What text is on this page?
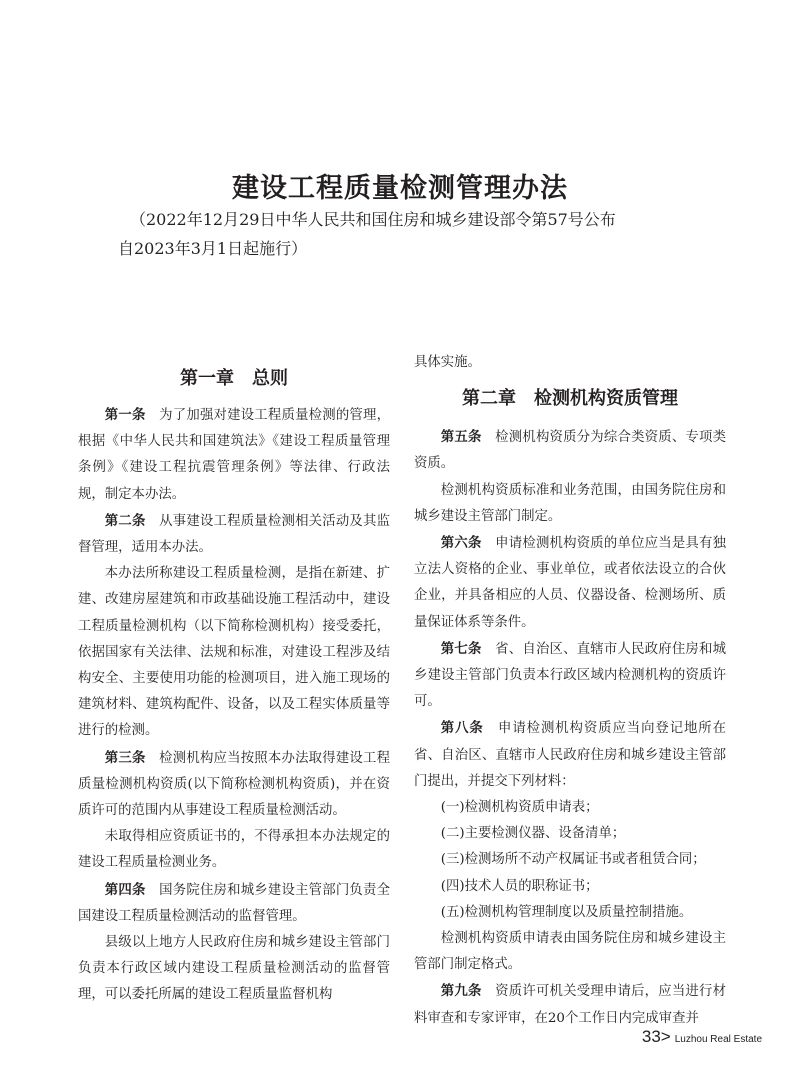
建设工程质量检测管理办法

（2022年12月29日中华人民共和国住房和城乡建设部令第57号公布

自2023年3月1日起施行）

第一章　总则

第一条　为了加强对建设工程质量检测的管理，根据《中华人民共和国建筑法》《建设工程质量管理条例》《建设工程抗震管理条例》等法律、行政法规，制定本办法。

第二条　从事建设工程质量检测相关活动及其监督管理，适用本办法。

本办法所称建设工程质量检测，是指在新建、扩建、改建房屋建筑和市政基础设施工程活动中，建设工程质量检测机构（以下简称检测机构）接受委托，依据国家有关法律、法规和标准，对建设工程涉及结构安全、主要使用功能的检测项目，进入施工现场的建筑材料、建筑构配件、设备，以及工程实体质量等进行的检测。

第三条　检测机构应当按照本办法取得建设工程质量检测机构资质(以下简称检测机构资质)，并在资质许可的范围内从事建设工程质量检测活动。

未取得相应资质证书的，不得承担本办法规定的建设工程质量检测业务。

第四条　国务院住房和城乡建设主管部门负责全国建设工程质量检测活动的监督管理。

县级以上地方人民政府住房和城乡建设主管部门负责本行政区域内建设工程质量检测活动的监督管理，可以委托所属的建设工程质量监督机构

具体实施。

第二章　检测机构资质管理

第五条　检测机构资质分为综合类资质、专项类资质。

检测机构资质标准和业务范围，由国务院住房和城乡建设主管部门制定。

第六条　申请检测机构资质的单位应当是具有独立法人资格的企业、事业单位，或者依法设立的合伙企业，并具备相应的人员、仪器设备、检测场所、质量保证体系等条件。

第七条　省、自治区、直辖市人民政府住房和城乡建设主管部门负责本行政区域内检测机构的资质许可。

第八条　申请检测机构资质应当向登记地所在省、自治区、直辖市人民政府住房和城乡建设主管部门提出，并提交下列材料：

(一)检测机构资质申请表；

(二)主要检测仪器、设备清单；

(三)检测场所不动产权属证书或者租赁合同；

(四)技术人员的职称证书；

(五)检测机构管理制度以及质量控制措施。

检测机构资质申请表由国务院住房和城乡建设主管部门制定格式。

第九条　资质许可机关受理申请后，应当进行材料审查和专家评审，在20个工作日内完成审查并

33> Luzhou Real Estate
